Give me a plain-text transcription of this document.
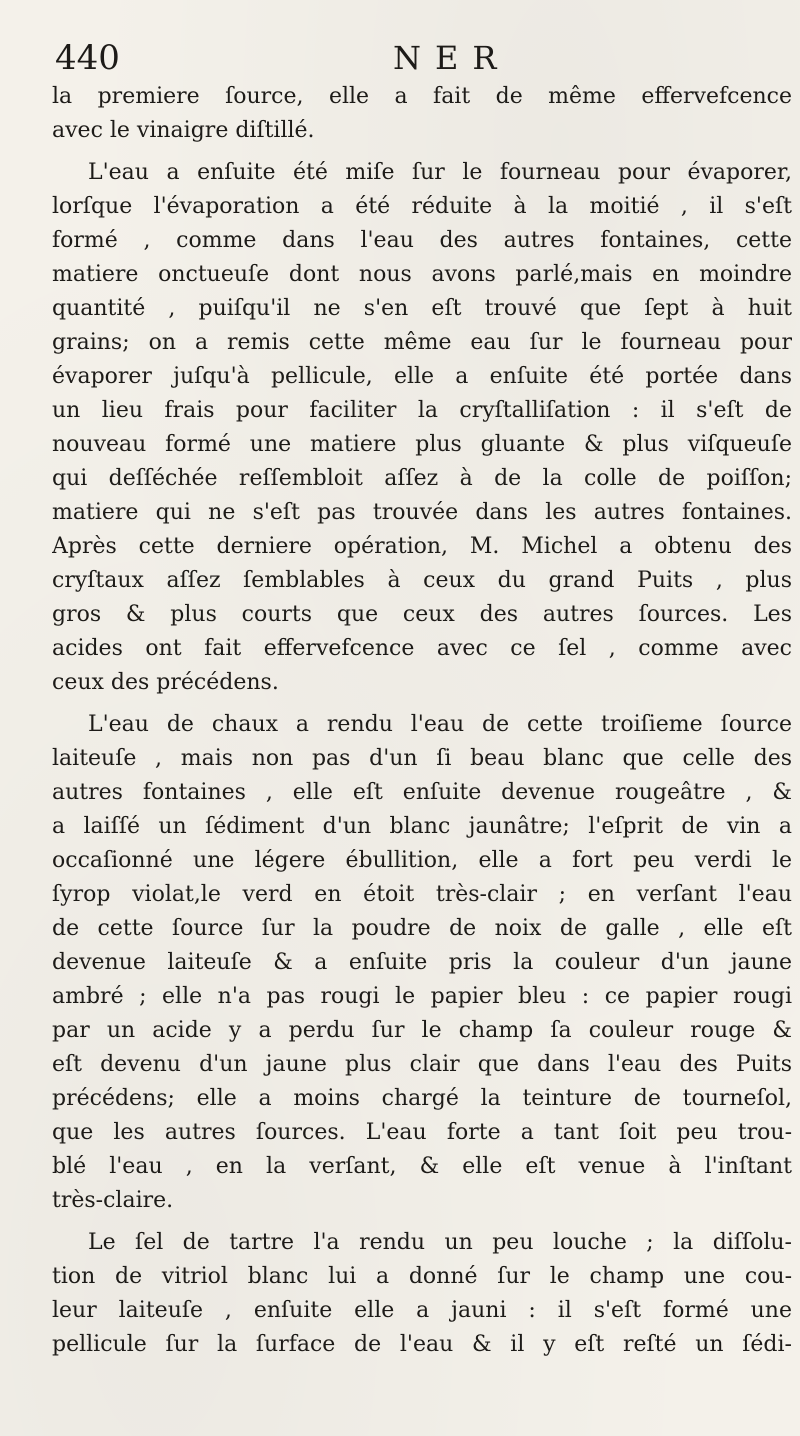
440	NER
la premiere ſource, elle a fait de même effervefcence
avec le vinaigre diſtillé.
L'eau a enſuite été miſe ſur le fourneau pour évaporer,
lorſque l'évaporation a été réduite à la moitié , il s'eſt
formé , comme dans l'eau des autres fontaines, cette
matiere onctueuſe dont nous avons parlé,mais en moindre
quantité , puiſqu'il ne s'en eſt trouvé que ſept à huit
grains; on a remis cette même eau ſur le fourneau pour
évaporer juſqu'à pellicule, elle a enſuite été portée dans
un lieu frais pour faciliter la cryſtalliſation : il s'eſt de
nouveau formé une matiere plus gluante & plus viſqueuſe
qui deſſéchée reſſembloit aſſez à de la colle de poiſſon;
matiere qui ne s'eſt pas trouvée dans les autres fontaines.
Après cette derniere opération, M. Michel a obtenu des
cryſtaux aſſez ſemblables à ceux du grand Puits , plus
gros & plus courts que ceux des autres ſources. Les
acides ont fait effervefcence avec ce ſel , comme avec
ceux des précédens.
L'eau de chaux a rendu l'eau de cette troiſieme ſource
laiteuſe , mais non pas d'un ſi beau blanc que celle des
autres fontaines , elle eſt enſuite devenue rougeâtre , &
a laiſſé un ſédiment d'un blanc jaunâtre; l'eſprit de vin a
occaſionné une légere ébullition, elle a fort peu verdi le
ſyrop violat,le verd en étoit très-clair ; en verſant l'eau
de cette ſource ſur la poudre de noix de galle , elle eſt
devenue laiteuſe & a enſuite pris la couleur d'un jaune
ambré ; elle n'a pas rougi le papier bleu : ce papier rougi
par un acide y a perdu ſur le champ ſa couleur rouge &
eſt devenu d'un jaune plus clair que dans l'eau des Puits
précédens; elle a moins chargé la teinture de tourneſol,
que les autres ſources. L'eau forte a tant ſoit peu trou-
blé l'eau , en la verſant, & elle eſt venue à l'inſtant
très-claire.
Le ſel de tartre l'a rendu un peu louche ; la diſſolu-
tion de vitriol blanc lui a donné ſur le champ une cou-
leur laiteuſe , enſuite elle a jauni : il s'eſt formé une
pellicule ſur la ſurface de l'eau & il y eſt reſté un ſédi-
